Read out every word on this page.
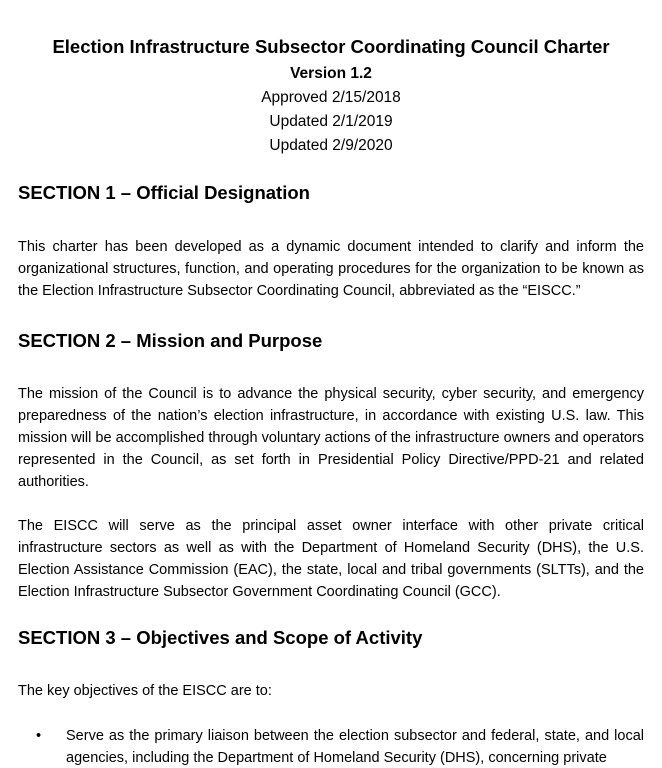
Election Infrastructure Subsector Coordinating Council Charter
Version 1.2
Approved 2/15/2018
Updated 2/1/2019
Updated 2/9/2020
SECTION 1 – Official Designation

This charter has been developed as a dynamic document intended to clarify and inform the organizational structures, function, and operating procedures for the organization to be known as the Election Infrastructure Subsector Coordinating Council, abbreviated as the “EISCC.”

SECTION 2 – Mission and Purpose

The mission of the Council is to advance the physical security, cyber security, and emergency preparedness of the nation’s election infrastructure, in accordance with existing U.S. law. This mission will be accomplished through voluntary actions of the infrastructure owners and operators represented in the Council, as set forth in Presidential Policy Directive/PPD-21 and related authorities.

The EISCC will serve as the principal asset owner interface with other private critical infrastructure sectors as well as with the Department of Homeland Security (DHS), the U.S. Election Assistance Commission (EAC), the state, local and tribal governments (SLTTs), and the Election Infrastructure Subsector Government Coordinating Council (GCC).

SECTION 3 – Objectives and Scope of Activity

The key objectives of the EISCC are to:

•	Serve as the primary liaison between the election subsector and federal, state, and local agencies, including the Department of Homeland Security (DHS), concerning private
